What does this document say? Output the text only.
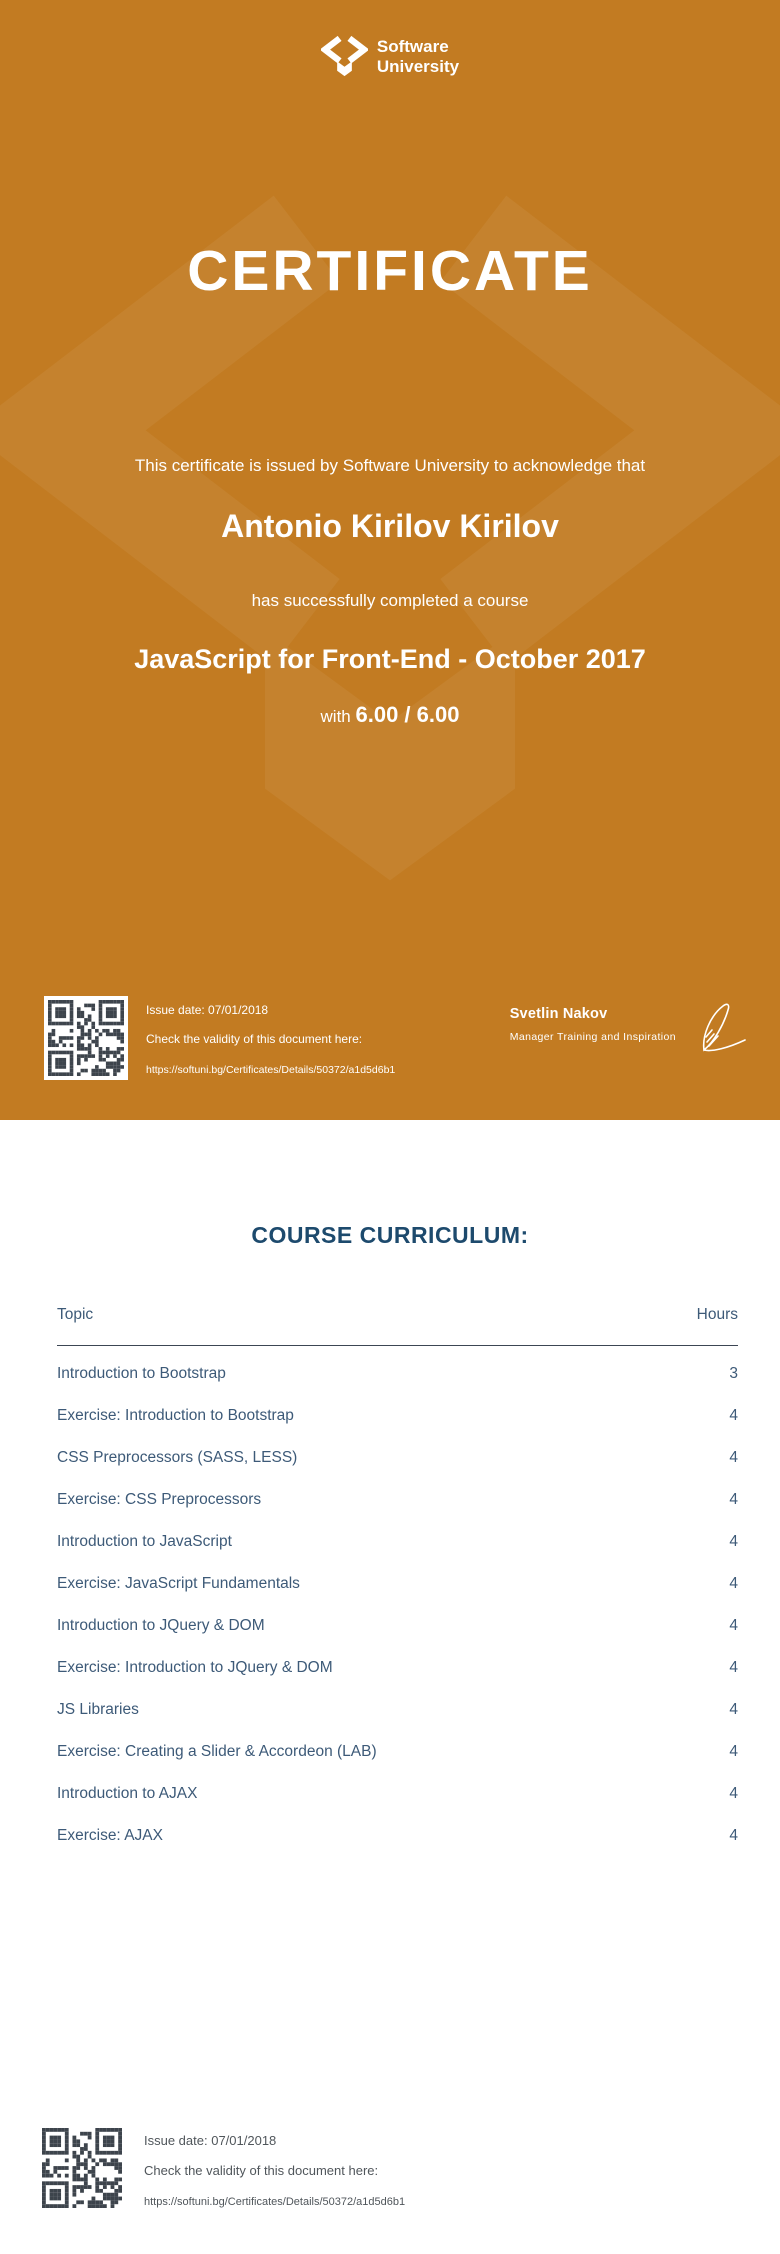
Software
University
CERTIFICATE
This certificate is issued by Software University to acknowledge that
Antonio Kirilov Kirilov
has successfully completed a course
JavaScript for Front-End - October 2017
with 6.00 / 6.00
Issue date: 07/01/2018
Check the validity of this document here:
https://softuni.bg/Certificates/Details/50372/a1d5d6b1
Svetlin Nakov
Manager Training and Inspiration
COURSE CURRICULUM:
Topic	Hours
Introduction to Bootstrap	3
Exercise: Introduction to Bootstrap	4
CSS Preprocessors (SASS, LESS)	4
Exercise: CSS Preprocessors	4
Introduction to JavaScript	4
Exercise: JavaScript Fundamentals	4
Introduction to JQuery & DOM	4
Exercise: Introduction to JQuery & DOM	4
JS Libraries	4
Exercise: Creating a Slider & Accordeon (LAB)	4
Introduction to AJAX	4
Exercise: AJAX	4
Issue date: 07/01/2018
Check the validity of this document here:
https://softuni.bg/Certificates/Details/50372/a1d5d6b1
